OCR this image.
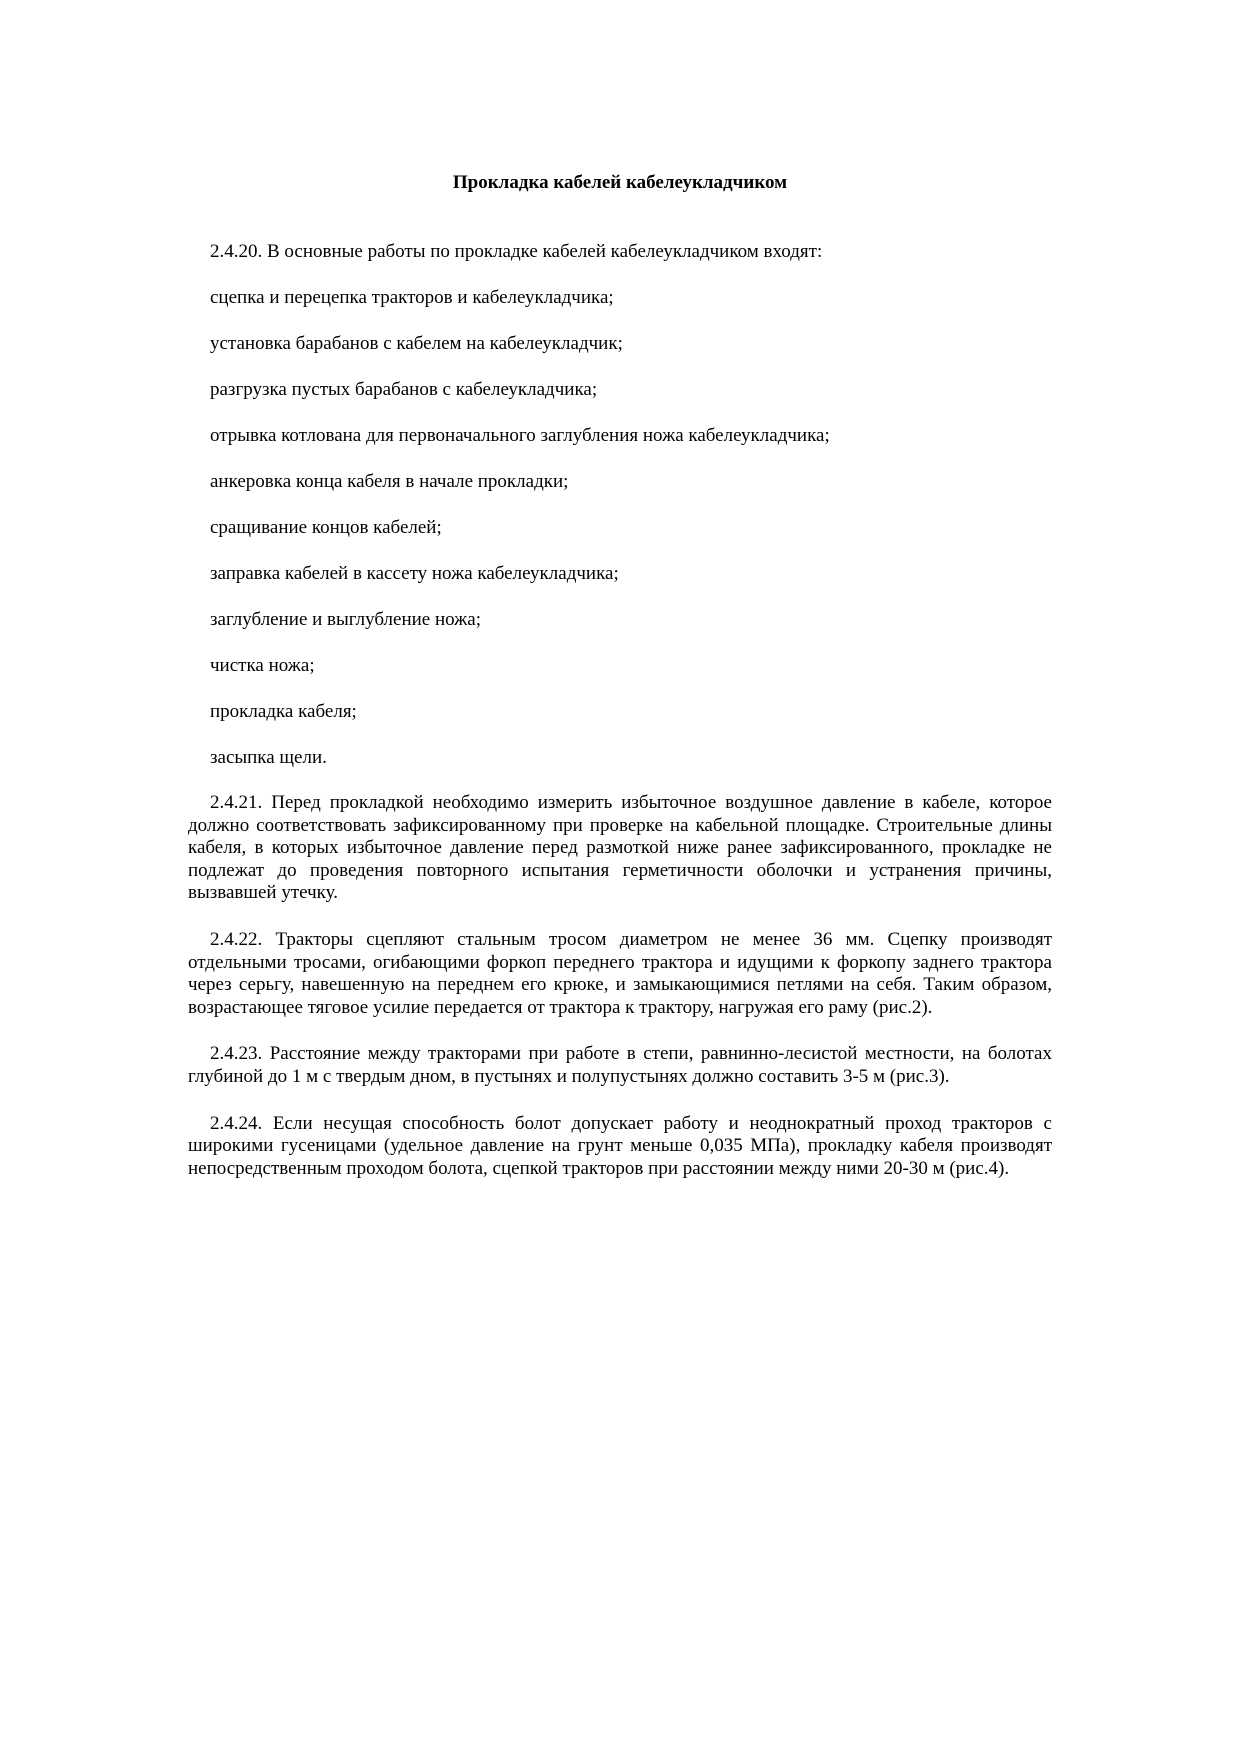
Прокладка кабелей кабелеукладчиком

2.4.20. В основные работы по прокладке кабелей кабелеукладчиком входят:

сцепка и перецепка тракторов и кабелеукладчика;

установка барабанов с кабелем на кабелеукладчик;

разгрузка пустых барабанов с кабелеукладчика;

отрывка котлована для первоначального заглубления ножа кабелеукладчика;

анкеровка конца кабеля в начале прокладки;

сращивание концов кабелей;

заправка кабелей в кассету ножа кабелеукладчика;

заглубление и выглубление ножа;

чистка ножа;

прокладка кабеля;

засыпка щели.

2.4.21. Перед прокладкой необходимо измерить избыточное воздушное давление в кабеле, которое должно соответствовать зафиксированному при проверке на кабельной площадке. Строительные длины кабеля, в которых избыточное давление перед размоткой ниже ранее зафиксированного, прокладке не подлежат до проведения повторного испытания герметичности оболочки и устранения причины, вызвавшей утечку.

2.4.22. Тракторы сцепляют стальным тросом диаметром не менее 36 мм. Сцепку производят отдельными тросами, огибающими форкоп переднего трактора и идущими к форкопу заднего трактора через серьгу, навешенную на переднем его крюке, и замыкающимися петлями на себя. Таким образом, возрастающее тяговое усилие передается от трактора к трактору, нагружая его раму (рис.2).

2.4.23. Расстояние между тракторами при работе в степи, равнинно-лесистой местности, на болотах глубиной до 1 м с твердым дном, в пустынях и полупустынях должно составить 3-5 м (рис.3).

2.4.24. Если несущая способность болот допускает работу и неоднократный проход тракторов с широкими гусеницами (удельное давление на грунт меньше 0,035 МПа), прокладку кабеля производят непосредственным проходом болота, сцепкой тракторов при расстоянии между ними 20-30 м (рис.4).
